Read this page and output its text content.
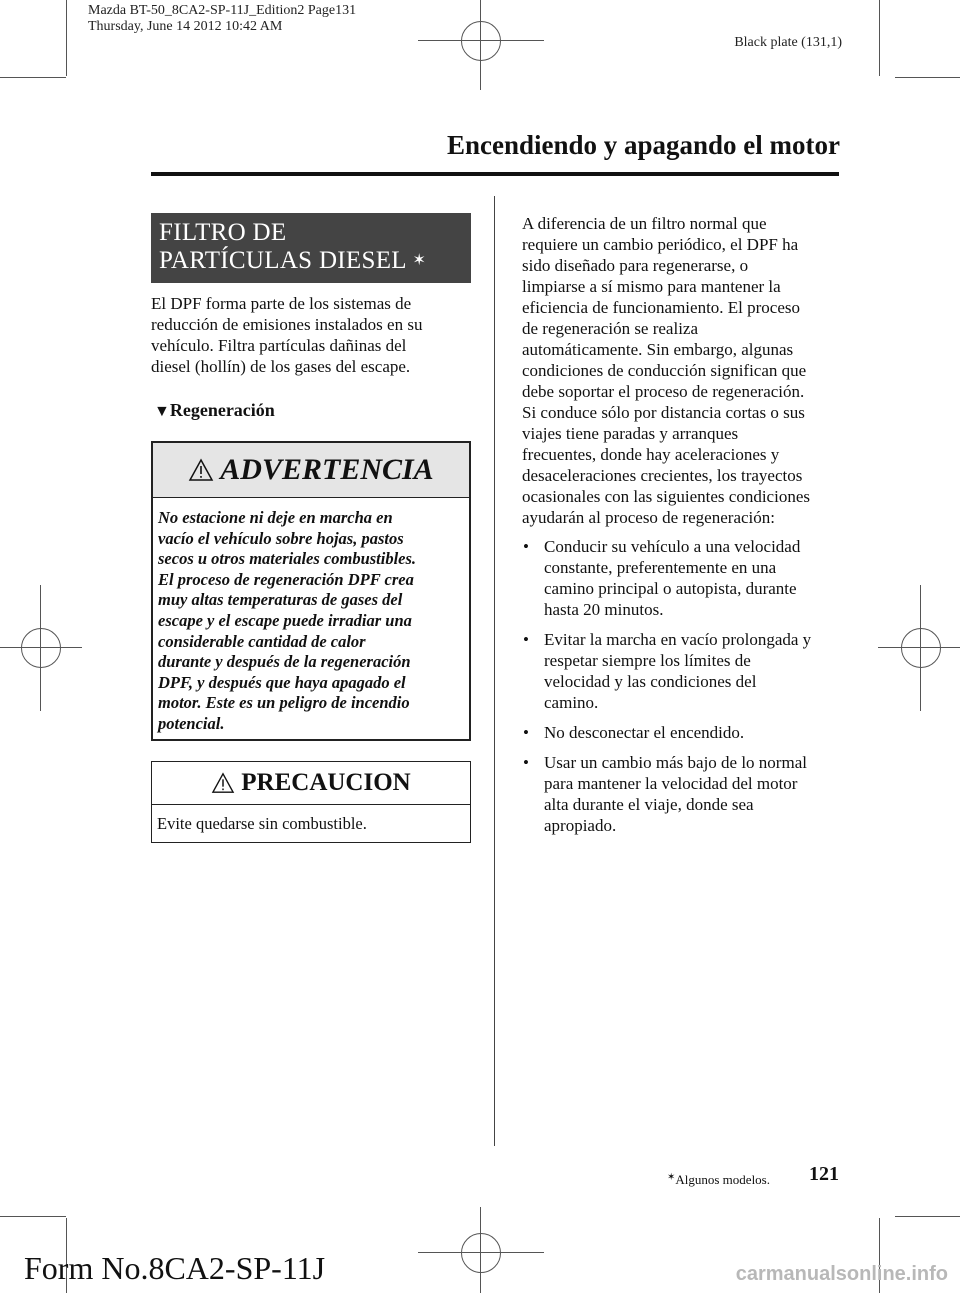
Mazda BT-50_8CA2-SP-11J_Edition2 Page131
Thursday, June 14 2012 10:42 AM
Black plate (131,1)
Encendiendo y apagando el motor
FILTRO DE
PARTÍCULAS DIESEL ✶
El DPF forma parte de los sistemas de
reducción de emisiones instalados en su
vehículo. Filtra partículas dañinas del
diesel (hollín) de los gases del escape.
▼Regeneración
ADVERTENCIA
No estacione ni deje en marcha en
vacío el vehículo sobre hojas, pastos
secos u otros materiales combustibles.
El proceso de regeneración DPF crea
muy altas temperaturas de gases del
escape y el escape puede irradiar una
considerable cantidad de calor
durante y después de la regeneración
DPF, y después que haya apagado el
motor. Este es un peligro de incendio
potencial.
PRECAUCION
Evite quedarse sin combustible.
A diferencia de un filtro normal que
requiere un cambio periódico, el DPF ha
sido diseñado para regenerarse, o
limpiarse a sí mismo para mantener la
eficiencia de funcionamiento. El proceso
de regeneración se realiza
automáticamente. Sin embargo, algunas
condiciones de conducción significan que
debe soportar el proceso de regeneración.
Si conduce sólo por distancia cortas o sus
viajes tiene paradas y arranques
frecuentes, donde hay aceleraciones y
desaceleraciones crecientes, los trayectos
ocasionales con las siguientes condiciones
ayudarán al proceso de regeneración:
• Conducir su vehículo a una velocidad
constante, preferentemente en una
camino principal o autopista, durante
hasta 20 minutos.
• Evitar la marcha en vacío prolongada y
respetar siempre los límites de
velocidad y las condiciones del
camino.
• No desconectar el encendido.
• Usar un cambio más bajo de lo normal
para mantener la velocidad del motor
alta durante el viaje, donde sea
apropiado.
✶Algunos modelos. 121
Form No.8CA2-SP-11J	carmanualsonline.info
